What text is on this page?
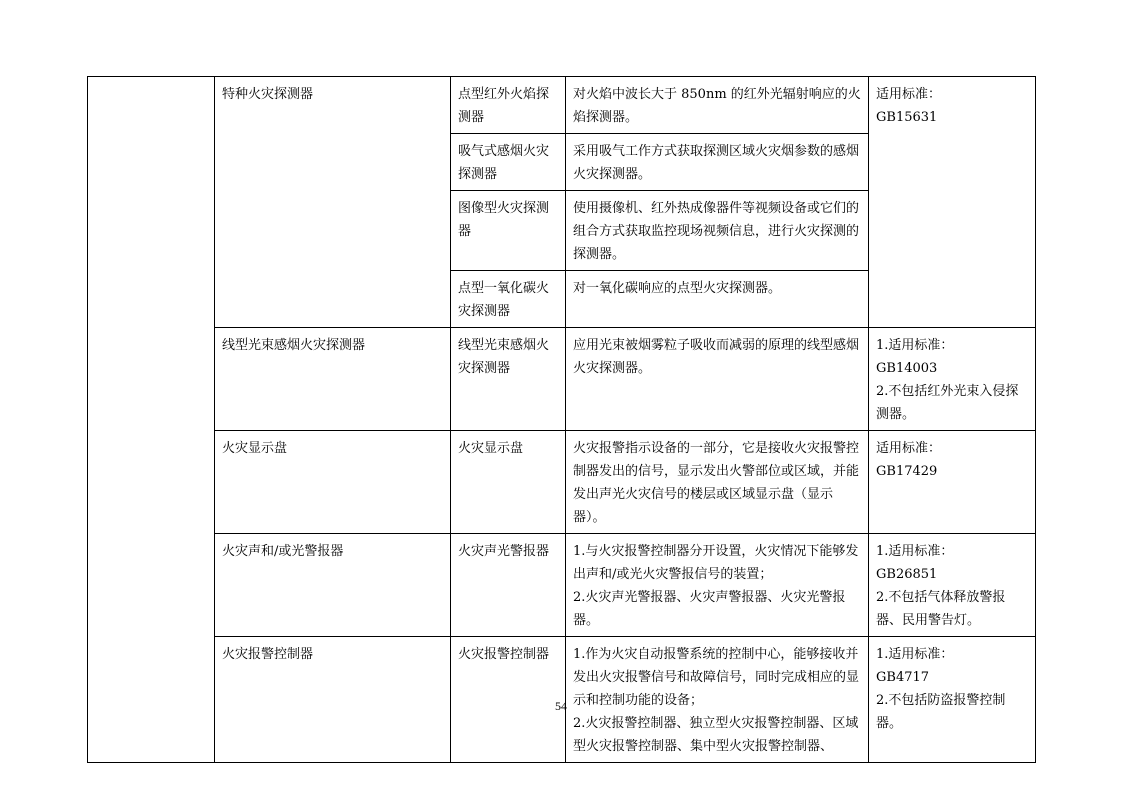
	特种火灾探测器	点型红外火焰探测器	对火焰中波长大于 850nm 的红外光辐射响应的火焰探测器。	适用标准：
GB15631

		吸气式感烟火灾探测器	采用吸气工作方式获取探测区域火灾烟参数的感烟火灾探测器。	
		图像型火灾探测器	使用摄像机、红外热成像器件等视频设备或它们的组合方式获取监控现场视频信息，进行火灾探测的探测器。	
		点型一氧化碳火灾探测器	对一氧化碳响应的点型火灾探测器。	
	线型光束感烟火灾探测器	线型光束感烟火灾探测器	应用光束被烟雾粒子吸收而减弱的原理的线型感烟火灾探测器。	1.适用标准：
GB14003
2.不包括红外光束入侵探测器。

	火灾显示盘	火灾显示盘	火灾报警指示设备的一部分，它是接收火灾报警控制器发出的信号，显示发出火警部位或区域，并能发出声光火灾信号的楼层或区域显示盘（显示器）。	适用标准：
GB17429

	火灾声和/或光警报器	火灾声光警报器	1.与火灾报警控制器分开设置，火灾情况下能够发出声和/或光火灾警报信号的装置；
2.火灾声光警报器、火灾声警报器、火灾光警报器。	1.适用标准：
GB26851
2.不包括气体释放警报器、民用警告灯。

	火灾报警控制器	火灾报警控制器	1.作为火灾自动报警系统的控制中心，能够接收并发出火灾报警信号和故障信号，同时完成相应的显示和控制功能的设备；
2.火灾报警控制器、独立型火灾报警控制器、区域型火灾报警控制器、集中型火灾报警控制器、	1.适用标准：
GB4717
2.不包括防盗报警控制器。
54
